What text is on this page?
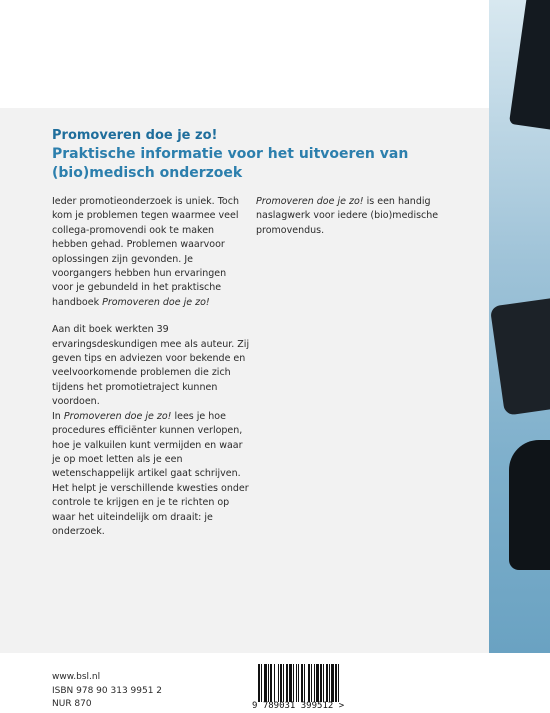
Promoveren doe je zo!
Praktische informatie voor het uitvoeren van (bio)medisch onderzoek

Ieder promotieonderzoek is uniek. Toch kom je problemen tegen waarmee veel collega-promovendi ook te maken hebben gehad. Problemen waarvoor oplossingen zijn gevonden. Je voorgangers hebben hun ervaringen voor je gebundeld in het praktische handboek Promoveren doe je zo!

Aan dit boek werkten 39 ervaringsdeskundigen mee als auteur. Zij geven tips en adviezen voor bekende en veelvoorkomende problemen die zich tijdens het promotietraject kunnen voordoen.
In Promoveren doe je zo! lees je hoe procedures efficiënter kunnen verlopen, hoe je valkuilen kunt vermijden en waar je op moet letten als je een wetenschappelijk artikel gaat schrijven. Het helpt je verschillende kwesties onder controle te krijgen en je te richten op waar het uiteindelijk om draait: je onderzoek.

Promoveren doe je zo! is een handig naslagwerk voor iedere (bio)medische promovendus.

www.bsl.nl
ISBN 978 90 313 9951 2
NUR 870	9 789031 399512 >
